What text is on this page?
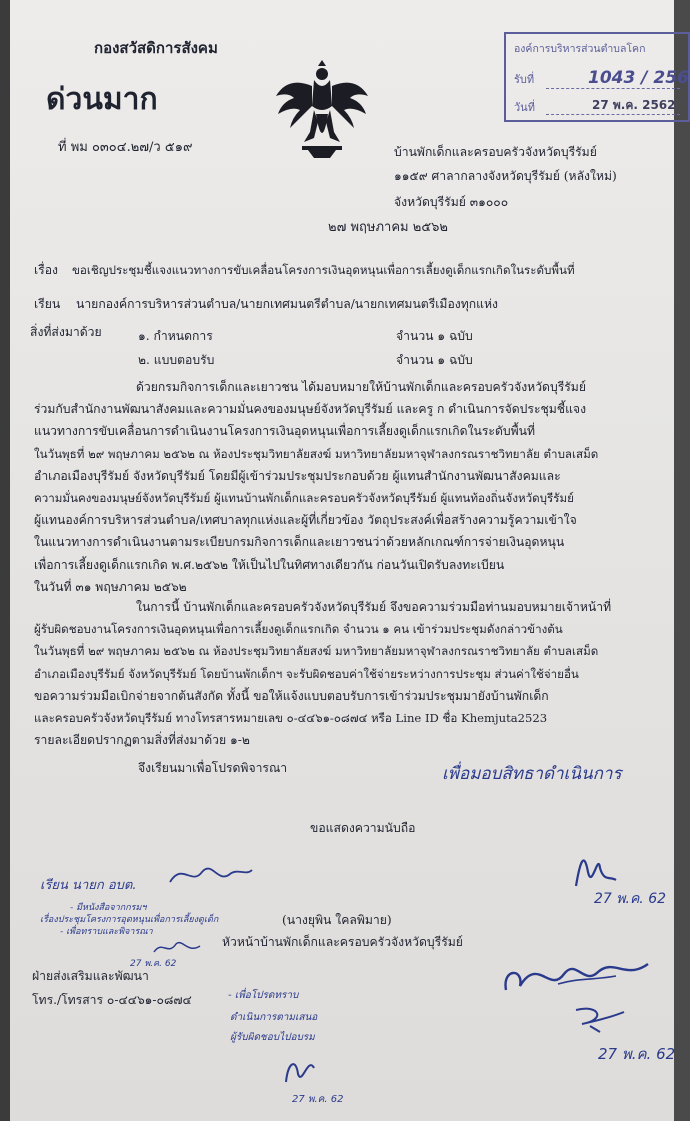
กองสวัสดิการสังคม
ด่วนมาก
ที่ พม ๐๓๐๔.๒๗/ว ๕๑๙
องค์การบริหารส่วนตำบลโคก
รับที่	1043 / 256
วันที่	27 พ.ค. 2562
บ้านพักเด็กและครอบครัวจังหวัดบุรีรัมย์
๑๑๕๙ ศาลากลางจังหวัดบุรีรัมย์ (หลังใหม่)
จังหวัดบุรีรัมย์ ๓๑๐๐๐
๒๗ พฤษภาคม ๒๕๖๒
เรื่อง ขอเชิญประชุมชี้แจงแนวทางการขับเคลื่อนโครงการเงินอุดหนุนเพื่อการเลี้ยงดูเด็กแรกเกิดในระดับพื้นที่
เรียน นายกองค์การบริหารส่วนตำบล/นายกเทศมนตรีตำบล/นายกเทศมนตรีเมืองทุกแห่ง
สิ่งที่ส่งมาด้วย	๑. กำหนดการ	จำนวน ๑ ฉบับ
๒. แบบตอบรับ	จำนวน ๑ ฉบับ

ด้วยกรมกิจการเด็กและเยาวชน ได้มอบหมายให้บ้านพักเด็กและครอบครัวจังหวัดบุรีรัมย์

ร่วมกับสำนักงานพัฒนาสังคมและความมั่นคงของมนุษย์จังหวัดบุรีรัมย์ และครู ก ดำเนินการจัดประชุมชี้แจง

แนวทางการขับเคลื่อนการดำเนินงานโครงการเงินอุดหนุนเพื่อการเลี้ยงดูเด็กแรกเกิดในระดับพื้นที่

ในวันพุธที่ ๒๙ พฤษภาคม ๒๕๖๒ ณ ห้องประชุมวิทยาลัยสงฆ์ มหาวิทยาลัยมหาจุฬาลงกรณราชวิทยาลัย ตำบลเสม็ด

อำเภอเมืองบุรีรัมย์ จังหวัดบุรีรัมย์ โดยมีผู้เข้าร่วมประชุมประกอบด้วย ผู้แทนสำนักงานพัฒนาสังคมและ

ความมั่นคงของมนุษย์จังหวัดบุรีรัมย์ ผู้แทนบ้านพักเด็กและครอบครัวจังหวัดบุรีรัมย์ ผู้แทนท้องถิ่นจังหวัดบุรีรัมย์

ผู้แทนองค์การบริหารส่วนตำบล/เทศบาลทุกแห่งและผู้ที่เกี่ยวข้อง วัตถุประสงค์เพื่อสร้างความรู้ความเข้าใจ

ในแนวทางการดำเนินงานตามระเบียบกรมกิจการเด็กและเยาวชนว่าด้วยหลักเกณฑ์การจ่ายเงินอุดหนุน

เพื่อการเลี้ยงดูเด็กแรกเกิด พ.ศ.๒๕๖๒ ให้เป็นไปในทิศทางเดียวกัน ก่อนวันเปิดรับลงทะเบียน

ในวันที่ ๓๑ พฤษภาคม ๒๕๖๒

ในการนี้ บ้านพักเด็กและครอบครัวจังหวัดบุรีรัมย์ จึงขอความร่วมมือท่านมอบหมายเจ้าหน้าที่

ผู้รับผิดชอบงานโครงการเงินอุดหนุนเพื่อการเลี้ยงดูเด็กแรกเกิด จำนวน ๑ คน เข้าร่วมประชุมดังกล่าวข้างต้น

ในวันพุธที่ ๒๙ พฤษภาคม ๒๕๖๒ ณ ห้องประชุมวิทยาลัยสงฆ์ มหาวิทยาลัยมหาจุฬาลงกรณราชวิทยาลัย ตำบลเสม็ด

อำเภอเมืองบุรีรัมย์ จังหวัดบุรีรัมย์ โดยบ้านพักเด็กฯ จะรับผิดชอบค่าใช้จ่ายระหว่างการประชุม ส่วนค่าใช้จ่ายอื่น

ขอความร่วมมือเบิกจ่ายจากต้นสังกัด ทั้งนี้ ขอให้แจ้งแบบตอบรับการเข้าร่วมประชุมมายังบ้านพักเด็ก

และครอบครัวจังหวัดบุรีรัมย์ ทางโทรสารหมายเลข ๐-๔๔๖๑-๐๘๗๔ หรือ Line ID ชื่อ Khemjuta2523

รายละเอียดปรากฏตามสิ่งที่ส่งมาด้วย ๑-๒

จึงเรียนมาเพื่อโปรดพิจารณา	เพื่อมอบสิทธาดำเนินการ
ขอแสดงความนับถือ
27 พ.ค. 62
เรียน นายก อบต.
- มีหนังสือจากกรมฯ
เรื่องประชุมโครงการอุดหนุนเพื่อการเลี้ยงดูเด็ก
- เพื่อทราบและพิจารณา
(นางยุพิน ใคลพิมาย)
หัวหน้าบ้านพักเด็กและครอบครัวจังหวัดบุรีรัมย์
27 พ.ค. 62
27 พ.ค. 62
ฝ่ายส่งเสริมและพัฒนา
โทร./โทรสาร ๐-๔๔๖๑-๐๘๗๔	- เพื่อโปรดทราบ
ดำเนินการตามเสนอ
ผู้รับผิดชอบไปอบรม
27 พ.ค. 62
